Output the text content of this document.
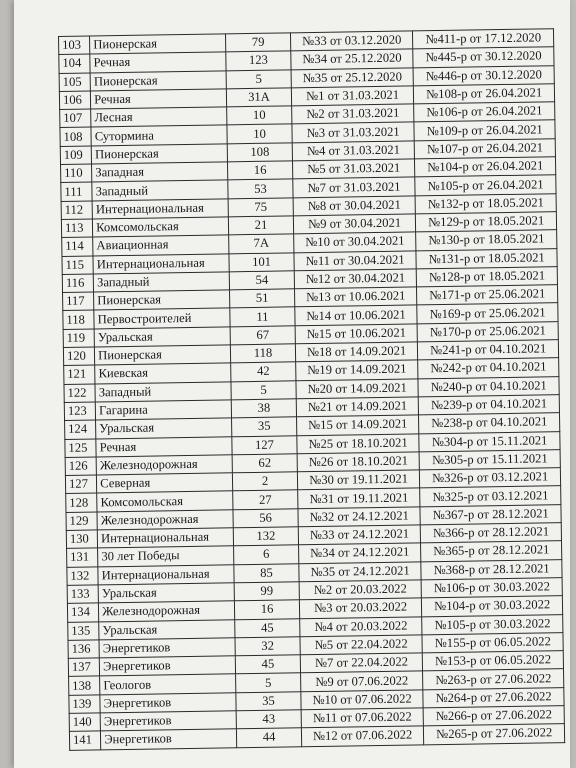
103	Пионерская	79	№33 от 03.12.2020	№411-р от 17.12.2020
104	Речная	123	№34 от 25.12.2020	№445-р от 30.12.2020
105	Пионерская	5	№35 от 25.12.2020	№446-р от 30.12.2020
106	Речная	31А	№1 от 31.03.2021	№108-р от 26.04.2021
107	Лесная	10	№2 от 31.03.2021	№106-р от 26.04.2021
108	Сутормина	10	№3 от 31.03.2021	№109-р от 26.04.2021
109	Пионерская	108	№4 от 31.03.2021	№107-р от 26.04.2021
110	Западная	16	№5 от 31.03.2021	№104-р от 26.04.2021
111	Западный	53	№7 от 31.03.2021	№105-р от 26.04.2021
112	Интернациональная	75	№8 от 30.04.2021	№132-р от 18.05.2021
113	Комсомольская	21	№9 от 30.04.2021	№129-р от 18.05.2021
114	Авиационная	7А	№10 от 30.04.2021	№130-р от 18.05.2021
115	Интернациональная	101	№11 от 30.04.2021	№131-р от 18.05.2021
116	Западный	54	№12 от 30.04.2021	№128-р от 18.05.2021
117	Пионерская	51	№13 от 10.06.2021	№171-р от 25.06.2021
118	Первостроителей	11	№14 от 10.06.2021	№169-р от 25.06.2021
119	Уральская	67	№15 от 10.06.2021	№170-р от 25.06.2021
120	Пионерская	118	№18 от 14.09.2021	№241-р от 04.10.2021
121	Киевская	42	№19 от 14.09.2021	№242-р от 04.10.2021
122	Западный	5	№20 от 14.09.2021	№240-р от 04.10.2021
123	Гагарина	38	№21 от 14.09.2021	№239-р от 04.10.2021
124	Уральская	35	№15 от 14.09.2021	№238-р от 04.10.2021
125	Речная	127	№25 от 18.10.2021	№304-р от 15.11.2021
126	Железнодорожная	62	№26 от 18.10.2021	№305-р от 15.11.2021
127	Северная	2	№30 от 19.11.2021	№326-р от 03.12.2021
128	Комсомольская	27	№31 от 19.11.2021	№325-р от 03.12.2021
129	Железнодорожная	56	№32 от 24.12.2021	№367-р от 28.12.2021
130	Интернациональная	132	№33 от 24.12.2021	№366-р от 28.12.2021
131	30 лет Победы	6	№34 от 24.12.2021	№365-р от 28.12.2021
132	Интернациональная	85	№35 от 24.12.2021	№368-р от 28.12.2021
133	Уральская	99	№2 от 20.03.2022	№106-р от 30.03.2022
134	Железнодорожная	16	№3 от 20.03.2022	№104-р от 30.03.2022
135	Уральская	45	№4 от 20.03.2022	№105-р от 30.03.2022
136	Энергетиков	32	№5 от 22.04.2022	№155-р от 06.05.2022
137	Энергетиков	45	№7 от 22.04.2022	№153-р от 06.05.2022
138	Геологов	5	№9 от 07.06.2022	№263-р от 27.06.2022
139	Энергетиков	35	№10 от 07.06.2022	№264-р от 27.06.2022
140	Энергетиков	43	№11 от 07.06.2022	№266-р от 27.06.2022
141	Энергетиков	44	№12 от 07.06.2022	№265-р от 27.06.2022
